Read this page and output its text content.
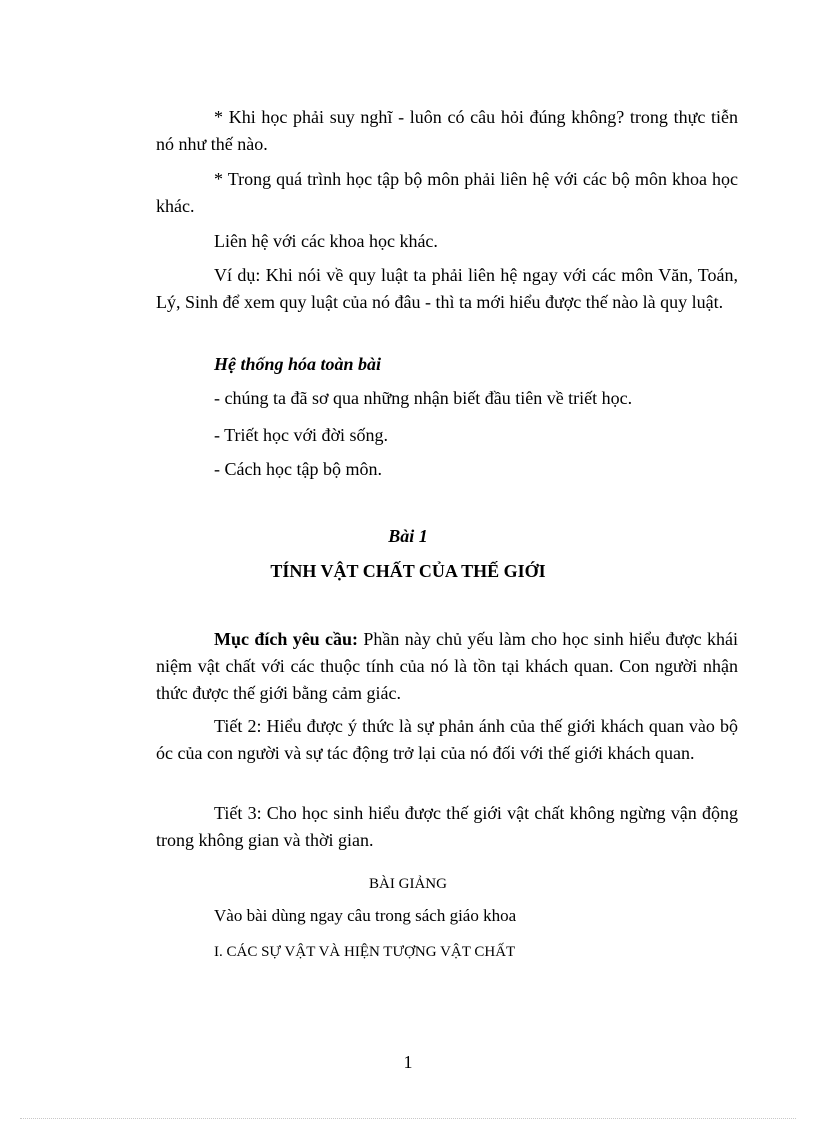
* Khi học phải suy nghĩ - luôn có câu hỏi đúng không? trong thực tiễn nó như thế nào.

* Trong quá trình học tập bộ môn phải liên hệ với các bộ môn khoa học khác.

Liên hệ với các khoa học khác.

Ví dụ: Khi nói về quy luật ta phải liên hệ ngay với các môn Văn, Toán, Lý, Sinh để xem quy luật của nó đâu - thì ta mới hiểu được thế nào là quy luật.

Hệ thống hóa toàn bài

- chúng ta đã sơ qua những nhận biết đầu tiên về triết học.

- Triết học với đời sống.

- Cách học tập bộ môn.

Bài 1

TÍNH VẬT CHẤT CỦA THẾ GIỚI

Mục đích yêu cầu: Phần này chủ yếu làm cho học sinh hiểu được khái niệm vật chất với các thuộc tính của nó là tồn tại khách quan. Con người nhận thức được thế giới bằng cảm giác.

Tiết 2: Hiểu được ý thức là sự phản ánh của thế giới khách quan vào bộ óc của con người và sự tác động trở lại của nó đối với thế giới khách quan.

Tiết 3: Cho học sinh hiểu được thế giới vật chất không ngừng vận động trong không gian và thời gian.

BÀI GIẢNG

Vào bài dùng ngay câu trong sách giáo khoa

I. CÁC SỰ VẬT VÀ HIỆN TƯỢNG VẬT CHẤT

1
